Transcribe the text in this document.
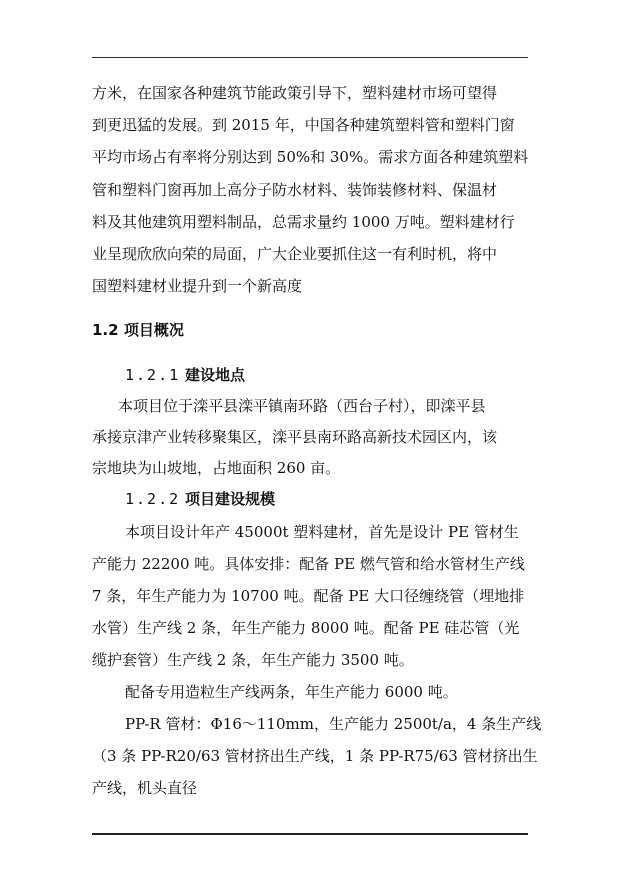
方米，在国家各种建筑节能政策引导下，塑料建材市场可望得
到更迅猛的发展。到 2015 年，中国各种建筑塑料管和塑料门窗
平均市场占有率将分别达到 50%和 30%。需求方面各种建筑塑料
管和塑料门窗再加上高分子防水材料、装饰装修材料、保温材
料及其他建筑用塑料制品，总需求量约 1000 万吨。塑料建材行
业呈现欣欣向荣的局面，广大企业要抓住这一有利时机，将中
国塑料建材业提升到一个新高度
1.2 项目概况
1.2.1 建设地点
本项目位于滦平县滦平镇南环路（西台子村），即滦平县
承接京津产业转移聚集区，滦平县南环路高新技术园区内，该
宗地块为山坡地，占地面积 260 亩。
1.2.2 项目建设规模
本项目设计年产 45000t 塑料建材，首先是设计 PE 管材生
产能力 22200 吨。具体安排：配备 PE 燃气管和给水管材生产线
7 条，年生产能力为 10700 吨。配备 PE 大口径缠绕管（埋地排
水管）生产线 2 条，年生产能力 8000 吨。配备 PE 硅芯管（光
缆护套管）生产线 2 条，年生产能力 3500 吨。
配备专用造粒生产线两条，年生产能力 6000 吨。
PP-R 管材：Φ16～110mm，生产能力 2500t/a，4 条生产线
（3 条 PP-R20/63 管材挤出生产线，1 条 PP-R75/63 管材挤出生
产线，机头直径
